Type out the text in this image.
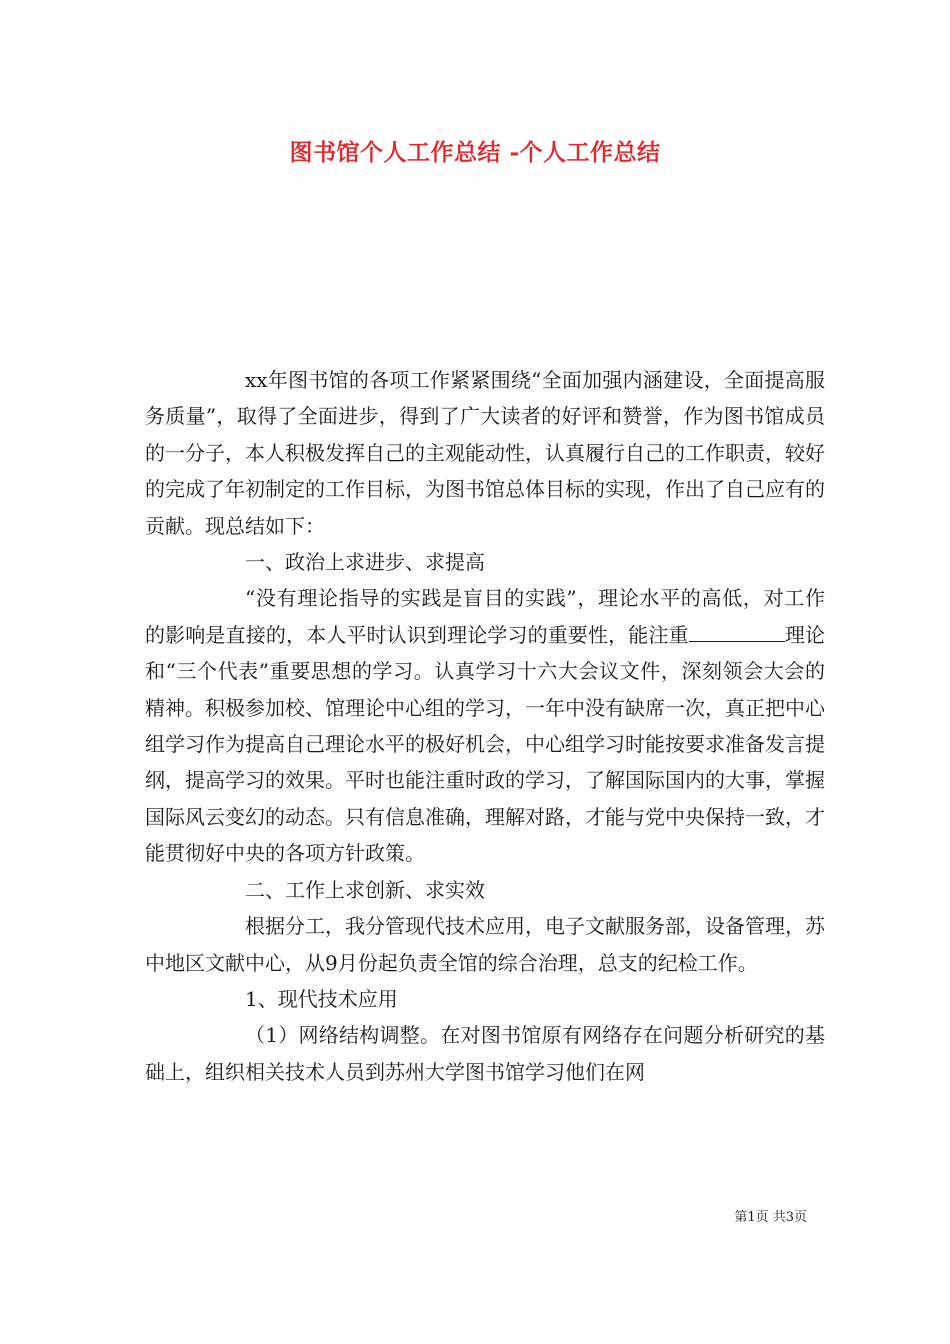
图书馆个人工作总结 -个人工作总结

xx年图书馆的各项工作紧紧围绕“全面加强内涵建设，全面提高服务质量”，取得了全面进步，得到了广大读者的好评和赞誉，作为图书馆成员的一分子，本人积极发挥自己的主观能动性，认真履行自己的工作职责，较好的完成了年初制定的工作目标，为图书馆总体目标的实现，作出了自己应有的贡献。现总结如下：

一、政治上求进步、求提高

“没有理论指导的实践是盲目的实践”，理论水平的高低，对工作的影响是直接的，本人平时认识到理论学习的重要性，能注重	理论和“三个代表”重要思想的学习。认真学习十六大会议文件，深刻领会大会的精神。积极参加校、馆理论中心组的学习，一年中没有缺席一次，真正把中心组学习作为提高自己理论水平的极好机会，中心组学习时能按要求准备发言提纲，提高学习的效果。平时也能注重时政的学习，了解国际国内的大事，掌握国际风云变幻的动态。只有信息准确，理解对路，才能与党中央保持一致，才能贯彻好中央的各项方针政策。

二、工作上求创新、求实效

根据分工，我分管现代技术应用，电子文献服务部，设备管理，苏中地区文献中心，从9月份起负责全馆的综合治理，总支的纪检工作。

1、现代技术应用

（1）网络结构调整。在对图书馆原有网络存在问题分析研究的基础上，组织相关技术人员到苏州大学图书馆学习他们在网

第1页 共3页
